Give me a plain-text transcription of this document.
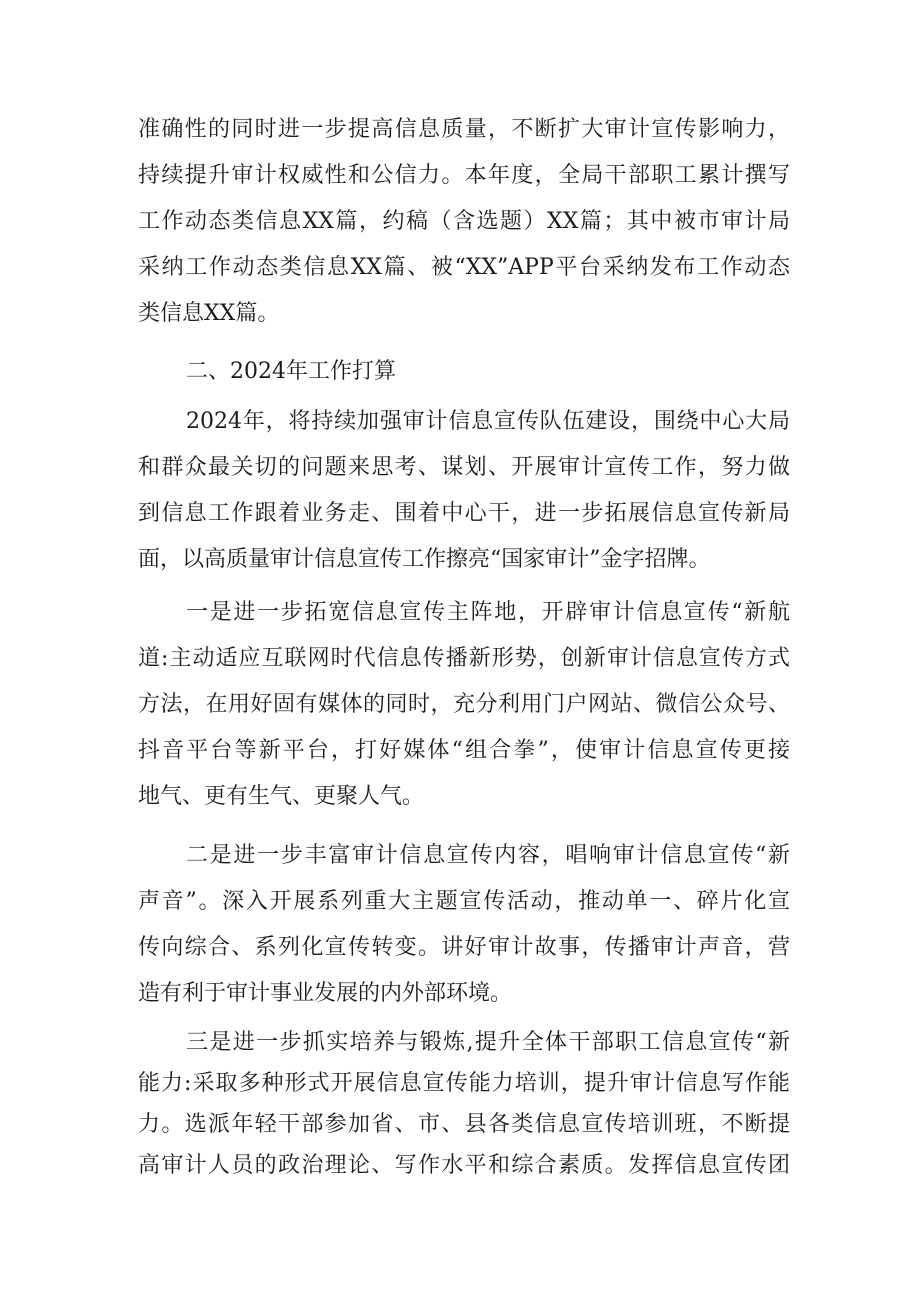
准确性的同时进一步提高信息质量，不断扩大审计宣传影响力，
持续提升审计权威性和公信力。本年度，全局干部职工累计撰写
工作动态类信息XX篇，约稿（含选题）XX篇；其中被市审计局
采纳工作动态类信息XX篇、被“XX”APP平台采纳发布工作动态
类信息XX篇。
二、2024年工作打算
2024年，将持续加强审计信息宣传队伍建设，围绕中心大局
和群众最关切的问题来思考、谋划、开展审计宣传工作，努力做
到信息工作跟着业务走、围着中心干，进一步拓展信息宣传新局
面，以高质量审计信息宣传工作擦亮“国家审计”金字招牌。
一是进一步拓宽信息宣传主阵地，开辟审计信息宣传“新航
道:主动适应互联网时代信息传播新形势，创新审计信息宣传方式
方法，在用好固有媒体的同时，充分利用门户网站、微信公众号、
抖音平台等新平台，打好媒体“组合拳”，使审计信息宣传更接
地气、更有生气、更聚人气。
二是进一步丰富审计信息宣传内容，唱响审计信息宣传“新
声音”。深入开展系列重大主题宣传活动，推动单一、碎片化宣
传向综合、系列化宣传转变。讲好审计故事，传播审计声音，营
造有利于审计事业发展的内外部环境。
三是进一步抓实培养与锻炼,提升全体干部职工信息宣传“新
能力:采取多种形式开展信息宣传能力培训，提升审计信息写作能
力。选派年轻干部参加省、市、县各类信息宣传培训班，不断提
高审计人员的政治理论、写作水平和综合素质。发挥信息宣传团
